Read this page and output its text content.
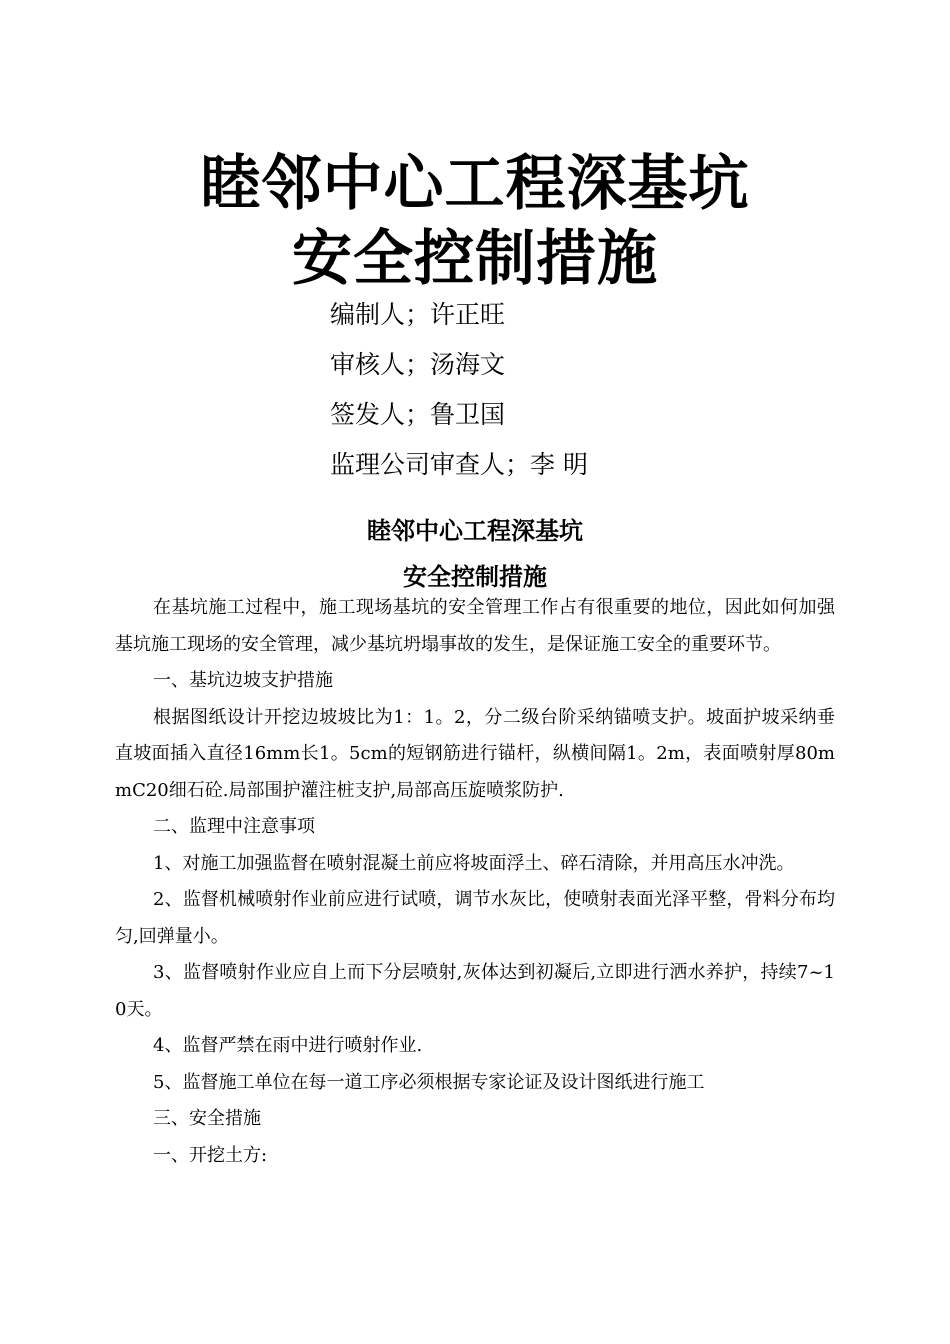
睦邻中心工程深基坑
安全控制措施
编制人；许正旺
审核人；汤海文
签发人；鲁卫国
监理公司审查人；李 明
睦邻中心工程深基坑
安全控制措施

在基坑施工过程中，施工现场基坑的安全管理工作占有很重要的地位，因此如何加强基坑施工现场的安全管理，减少基坑坍塌事故的发生，是保证施工安全的重要环节。

一、基坑边坡支护措施

根据图纸设计开挖边坡坡比为1：1。2，分二级台阶采纳锚喷支护。坡面护坡采纳垂直坡面插入直径16mm长1。5cm的短钢筋进行锚杆，纵横间隔1。2m，表面喷射厚80mmC20细石砼.局部围护灌注桩支护,局部高压旋喷浆防护.

二、监理中注意事项

1、对施工加强监督在喷射混凝土前应将坡面浮土、碎石清除，并用高压水冲洗。

2、监督机械喷射作业前应进行试喷，调节水灰比，使喷射表面光泽平整，骨料分布均匀,回弹量小。

3、监督喷射作业应自上而下分层喷射,灰体达到初凝后,立即进行洒水养护，持续7~10天。

4、监督严禁在雨中进行喷射作业.

5、监督施工单位在每一道工序必须根据专家论证及设计图纸进行施工

三、安全措施

一、开挖土方:
